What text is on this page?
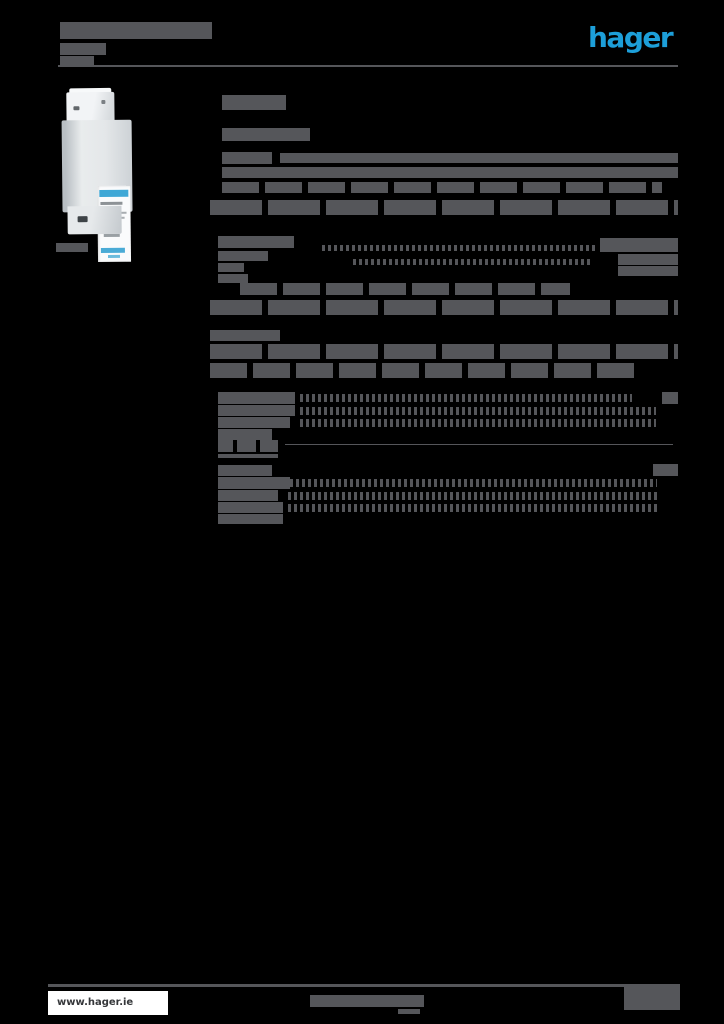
hager
www.hager.ie
